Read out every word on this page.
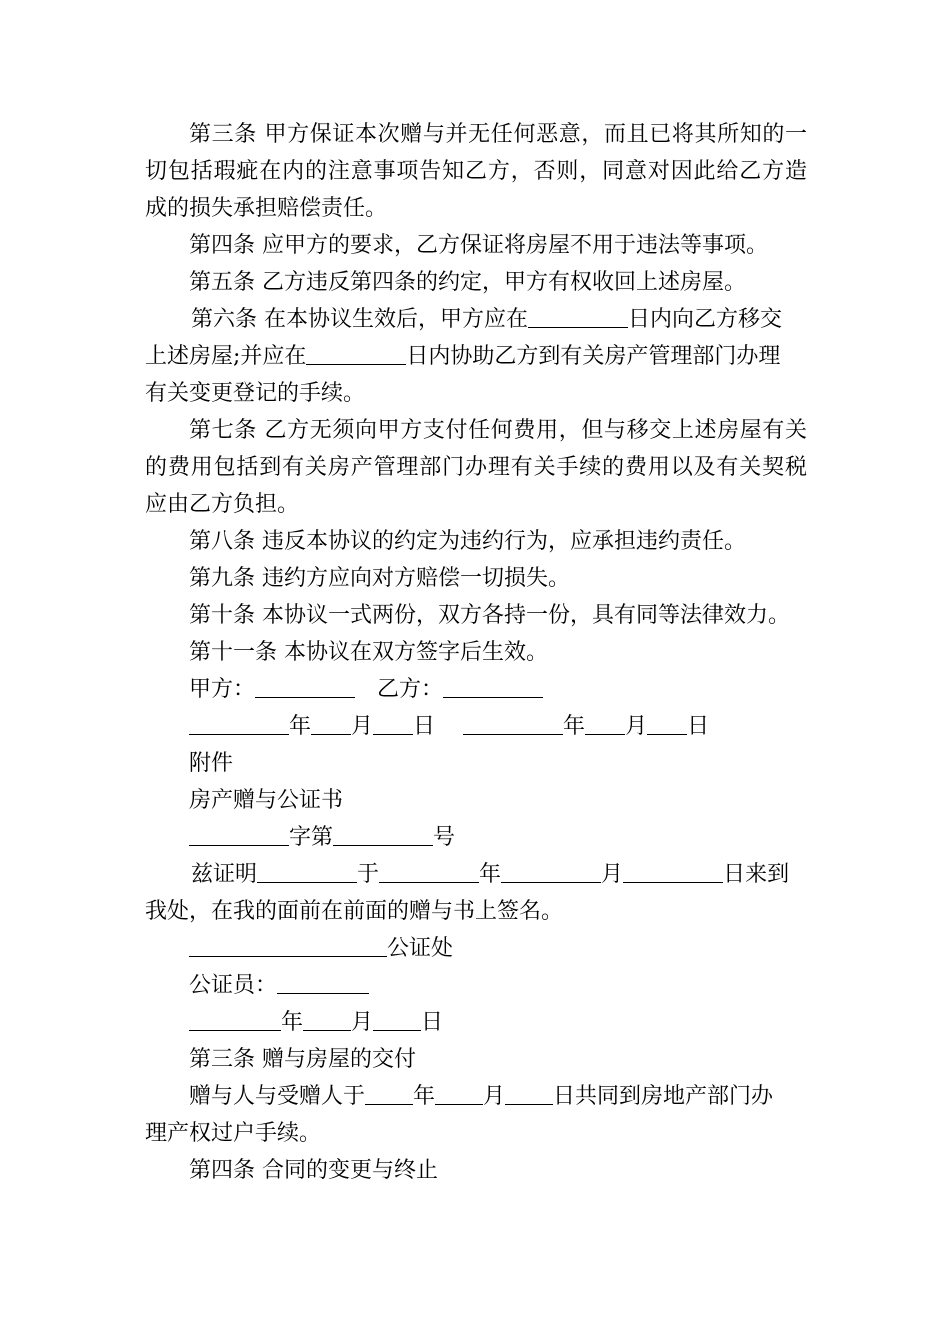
第三条 甲方保证本次赠与并无任何恶意，而且已将其所知的一
切包括瑕疵在内的注意事项告知乙方，否则，同意对因此给乙方造
成的损失承担赔偿责任。
第四条 应甲方的要求，乙方保证将房屋不用于违法等事项。
第五条 乙方违反第四条的约定，甲方有权收回上述房屋。
第六条 在本协议生效后，甲方应在	日内向乙方移交
上述房屋;并应在	日内协助乙方到有关房产管理部门办理
有关变更登记的手续。
第七条 乙方无须向甲方支付任何费用，但与移交上述房屋有关
的费用包括到有关房产管理部门办理有关手续的费用以及有关契税
应由乙方负担。
第八条 违反本协议的约定为违约行为，应承担违约责任。
第九条 违约方应向对方赔偿一切损失。
第十条 本协议一式两份，双方各持一份，具有同等法律效力。
第十一条 本协议在双方签字后生效。
甲方：	乙方：
年 月 日	年 月 日
附件
房产赠与公证书
字第	号
兹证明	于	年	月	日来到
我处，在我的面前在前面的赠与书上签名。
公证处
公证员：
年 月 日
第三条 赠与房屋的交付
赠与人与受赠人于 年 月 日共同到房地产部门办
理产权过户手续。
第四条 合同的变更与终止
